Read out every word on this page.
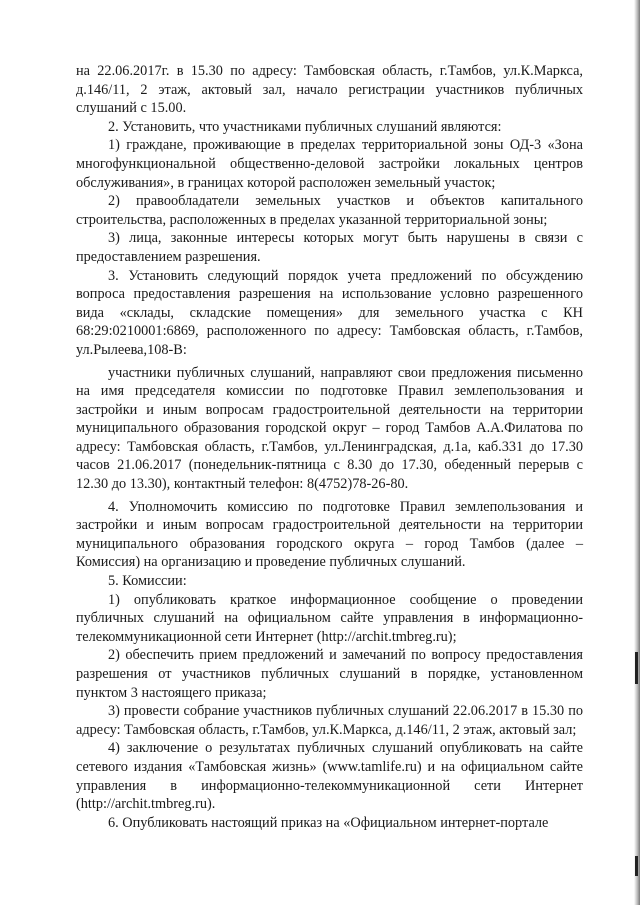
на 22.06.2017г. в 15.30 по адресу: Тамбовская область, г.Тамбов, ул.К.Маркса, д.146/11, 2 этаж, актовый зал, начало регистрации участников публичных слушаний с 15.00.

2. Установить, что участниками публичных слушаний являются:

1) граждане, проживающие в пределах территориальной зоны ОД-3 «Зона многофункциональной общественно-деловой застройки локальных центров обслуживания», в границах которой расположен земельный участок;

2) правообладатели земельных участков и объектов капитального строительства, расположенных в пределах указанной территориальной зоны;

3) лица, законные интересы которых могут быть нарушены в связи с предоставлением разрешения.

3. Установить следующий порядок учета предложений по обсуждению вопроса предоставления разрешения на использование условно разрешенного вида «склады, складские помещения» для земельного участка с КН 68:29:0210001:6869, расположенного по адресу: Тамбовская область, г.Тамбов, ул.Рылеева,108-В:

участники публичных слушаний, направляют свои предложения письменно на имя председателя комиссии по подготовке Правил землепользования и застройки и иным вопросам градостроительной деятельности на территории муниципального образования городской округ – город Тамбов А.А.Филатова по адресу: Тамбовская область, г.Тамбов, ул.Ленинградская, д.1а, каб.331 до 17.30 часов 21.06.2017 (понедельник-пятница с 8.30 до 17.30, обеденный перерыв с 12.30 до 13.30), контактный телефон: 8(4752)78-26-80.

4. Уполномочить комиссию по подготовке Правил землепользования и застройки и иным вопросам градостроительной деятельности на территории муниципального образования городского округа – город Тамбов (далее – Комиссия) на организацию и проведение публичных слушаний.

5. Комиссии:

1) опубликовать краткое информационное сообщение о проведении публичных слушаний на официальном сайте управления в информационно-телекоммуникационной сети Интернет (http://archit.tmbreg.ru);

2) обеспечить прием предложений и замечаний по вопросу предоставления разрешения от участников публичных слушаний в порядке, установленном пунктом 3 настоящего приказа;

3) провести собрание участников публичных слушаний 22.06.2017 в 15.30 по адресу: Тамбовская область, г.Тамбов, ул.К.Маркса, д.146/11, 2 этаж, актовый зал;

4) заключение о результатах публичных слушаний опубликовать на сайте сетевого издания «Тамбовская жизнь» (www.tamlife.ru) и на официальном сайте управления в информационно-телекоммуникационной сети Интернет (http://archit.tmbreg.ru).

6. Опубликовать настоящий приказ на «Официальном интернет-портале
